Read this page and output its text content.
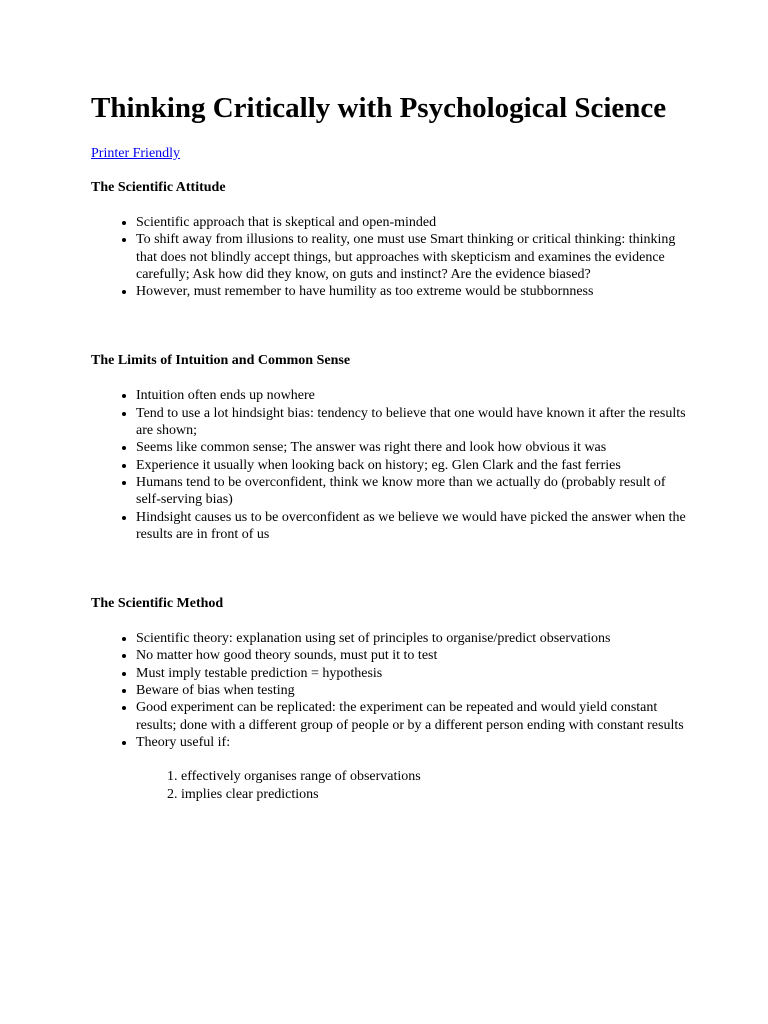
Thinking Critically with Psychological Science
Printer Friendly
The Scientific Attitude
• Scientific approach that is skeptical and open-minded
• To shift away from illusions to reality, one must use Smart thinking or critical thinking: thinking that does not blindly accept things, but approaches with skepticism and examines the evidence carefully; Ask how did they know, on guts and instinct? Are the evidence biased?
• However, must remember to have humility as too extreme would be stubbornness
The Limits of Intuition and Common Sense
• Intuition often ends up nowhere
• Tend to use a lot hindsight bias: tendency to believe that one would have known it after the results are shown;
• Seems like common sense; The answer was right there and look how obvious it was
• Experience it usually when looking back on history; eg. Glen Clark and the fast ferries
• Humans tend to be overconfident, think we know more than we actually do (probably result of self-serving bias)
• Hindsight causes us to be overconfident as we believe we would have picked the answer when the results are in front of us
The Scientific Method
• Scientific theory: explanation using set of principles to organise/predict observations
• No matter how good theory sounds, must put it to test
• Must imply testable prediction = hypothesis
• Beware of bias when testing
• Good experiment can be replicated: the experiment can be repeated and would yield constant results; done with a different group of people or by a different person ending with constant results
• Theory useful if:
1. effectively organises range of observations
2. implies clear predictions
